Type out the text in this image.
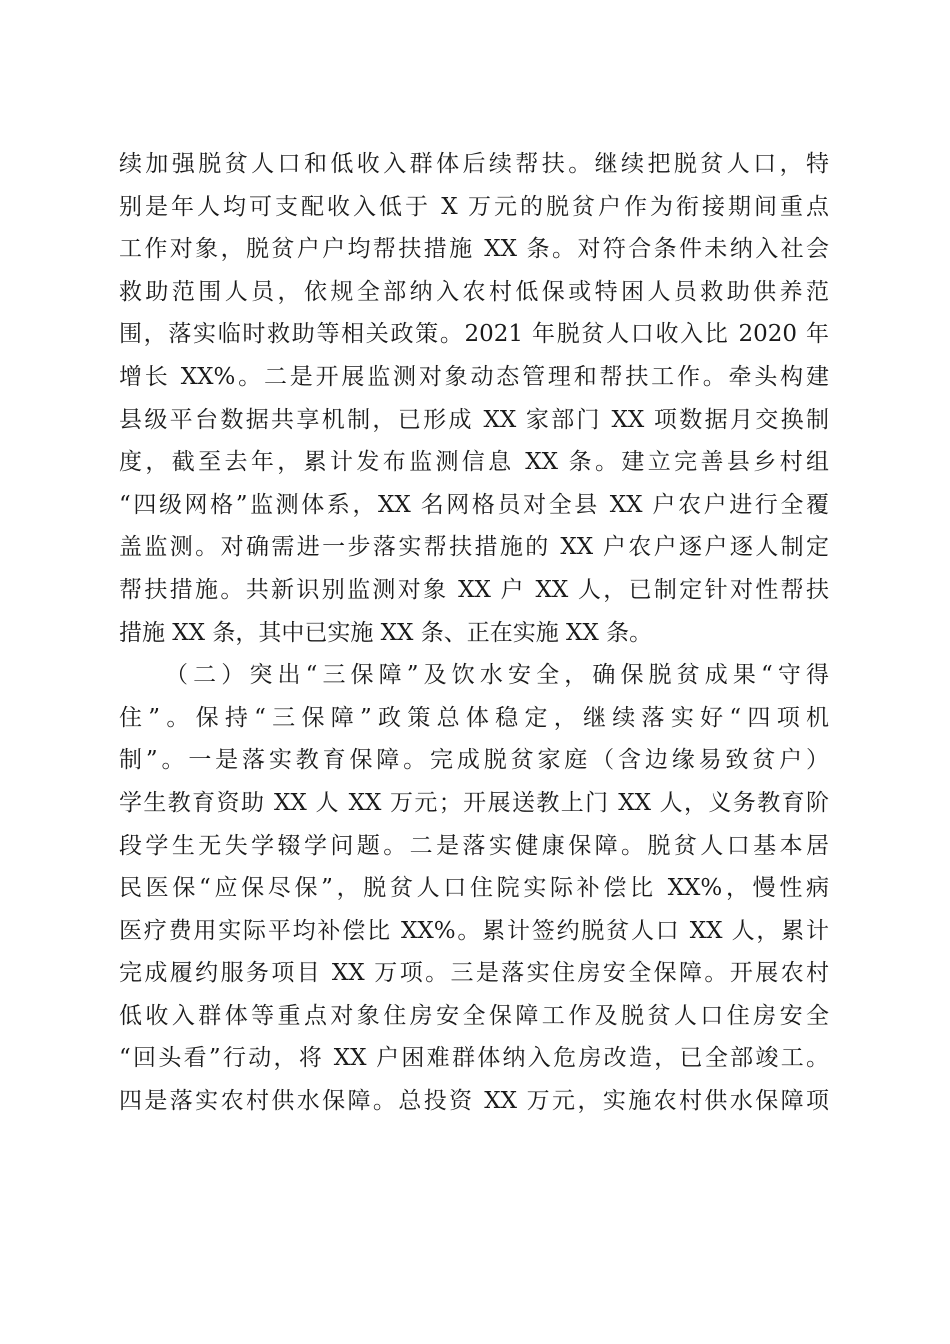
续加强脱贫人口和低收入群体后续帮扶。继续把脱贫人口，特
别是年人均可支配收入低于 X 万元的脱贫户作为衔接期间重点
工作对象，脱贫户户均帮扶措施 XX 条。对符合条件未纳入社会
救助范围人员，依规全部纳入农村低保或特困人员救助供养范
围，落实临时救助等相关政策。2021 年脱贫人口收入比 2020 年
增长 XX%。二是开展监测对象动态管理和帮扶工作。牵头构建
县级平台数据共享机制，已形成 XX 家部门 XX 项数据月交换制
度，截至去年，累计发布监测信息 XX 条。建立完善县乡村组
“四级网格”监测体系，XX 名网格员对全县 XX 户农户进行全覆
盖监测。对确需进一步落实帮扶措施的 XX 户农户逐户逐人制定
帮扶措施。共新识别监测对象 XX 户 XX 人，已制定针对性帮扶
措施 XX 条，其中已实施 XX 条、正在实施 XX 条。
（二）突出“三保障”及饮水安全，确保脱贫成果“守得
住”。保持“三保障”政策总体稳定，继续落实好“四项机
制”。一是落实教育保障。完成脱贫家庭（含边缘易致贫户）
学生教育资助 XX 人 XX 万元；开展送教上门 XX 人，义务教育阶
段学生无失学辍学问题。二是落实健康保障。脱贫人口基本居
民医保“应保尽保”，脱贫人口住院实际补偿比 XX%，慢性病
医疗费用实际平均补偿比 XX%。累计签约脱贫人口 XX 人，累计
完成履约服务项目 XX 万项。三是落实住房安全保障。开展农村
低收入群体等重点对象住房安全保障工作及脱贫人口住房安全
“回头看”行动，将 XX 户困难群体纳入危房改造，已全部竣工。
四是落实农村供水保障。总投资 XX 万元，实施农村供水保障项
